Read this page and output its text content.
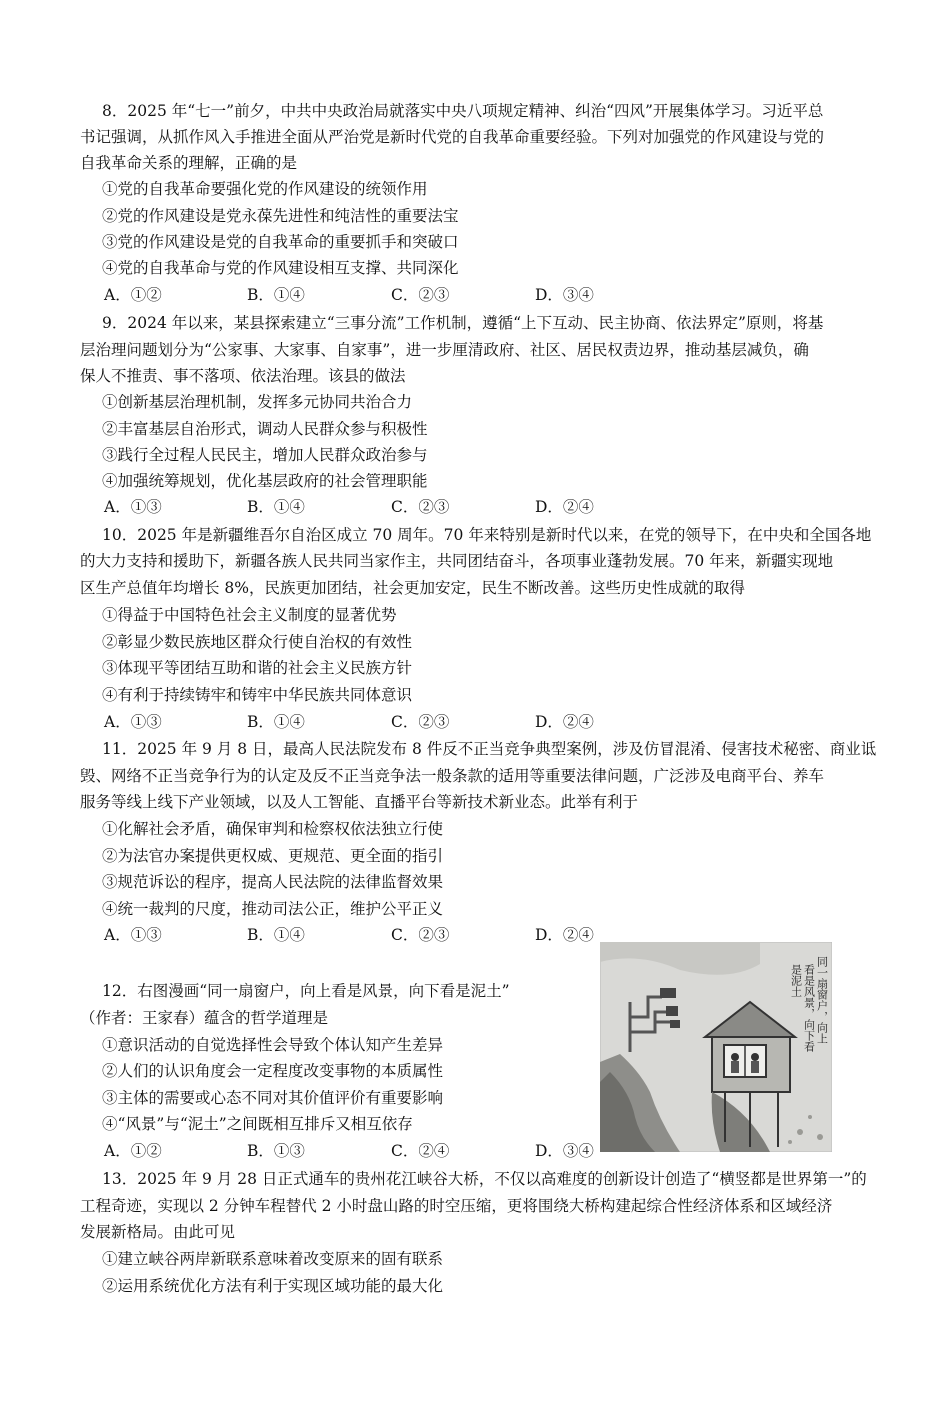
8．2025 年“七一”前夕，中共中央政治局就落实中央八项规定精神、纠治“四风”开展集体学习。习近平总
书记强调，从抓作风入手推进全面从严治党是新时代党的自我革命重要经验。下列对加强党的作风建设与党的
自我革命关系的理解，正确的是
①党的自我革命要强化党的作风建设的统领作用
②党的作风建设是党永葆先进性和纯洁性的重要法宝
③党的作风建设是党的自我革命的重要抓手和突破口
④党的自我革命与党的作风建设相互支撑、共同深化
A．①②	B．①④	C．②③	D．③④
9．2024 年以来，某县探索建立“三事分流”工作机制，遵循“上下互动、民主协商、依法界定”原则，将基
层治理问题划分为“公家事、大家事、自家事”，进一步厘清政府、社区、居民权责边界，推动基层减负，确
保人不推责、事不落项、依法治理。该县的做法
①创新基层治理机制，发挥多元协同共治合力
②丰富基层自治形式，调动人民群众参与积极性
③践行全过程人民民主，增加人民群众政治参与
④加强统筹规划，优化基层政府的社会管理职能
A．①③	B．①④	C．②③	D．②④
10．2025 年是新疆维吾尔自治区成立 70 周年。70 年来特别是新时代以来，在党的领导下，在中央和全国各地
的大力支持和援助下，新疆各族人民共同当家作主，共同团结奋斗，各项事业蓬勃发展。70 年来，新疆实现地
区生产总值年均增长 8%，民族更加团结，社会更加安定，民生不断改善。这些历史性成就的取得
①得益于中国特色社会主义制度的显著优势
②彰显少数民族地区群众行使自治权的有效性
③体现平等团结互助和谐的社会主义民族方针
④有利于持续铸牢和铸牢中华民族共同体意识
A．①③	B．①④	C．②③	D．②④
11．2025 年 9 月 8 日，最高人民法院发布 8 件反不正当竞争典型案例，涉及仿冒混淆、侵害技术秘密、商业诋
毁、网络不正当竞争行为的认定及反不正当竞争法一般条款的适用等重要法律问题，广泛涉及电商平台、养车
服务等线上线下产业领域，以及人工智能、直播平台等新技术新业态。此举有利于
①化解社会矛盾，确保审判和检察权依法独立行使
②为法官办案提供更权威、更规范、更全面的指引
③规范诉讼的程序，提高人民法院的法律监督效果
④统一裁判的尺度，推动司法公正，维护公平正义
A．①③	B．①④	C．②③	D．②④
12．右图漫画“同一扇窗户，向上看是风景，向下看是泥土”
（作者：王家春）蕴含的哲学道理是
①意识活动的自觉选择性会导致个体认知产生差异
②人们的认识角度会一定程度改变事物的本质属性
③主体的需要或心态不同对其价值评价有重要影响
④“风景”与“泥土”之间既相互排斥又相互依存
A．①②	B．①③	C．②④	D．③④
同一扇窗户，向上
看是风景，向下看
是泥土
13．2025 年 9 月 28 日正式通车的贵州花江峡谷大桥，不仅以高难度的创新设计创造了“横竖都是世界第一”的
工程奇迹，实现以 2 分钟车程替代 2 小时盘山路的时空压缩，更将围绕大桥构建起综合性经济体系和区域经济
发展新格局。由此可见
①建立峡谷两岸新联系意味着改变原来的固有联系
②运用系统优化方法有利于实现区域功能的最大化
